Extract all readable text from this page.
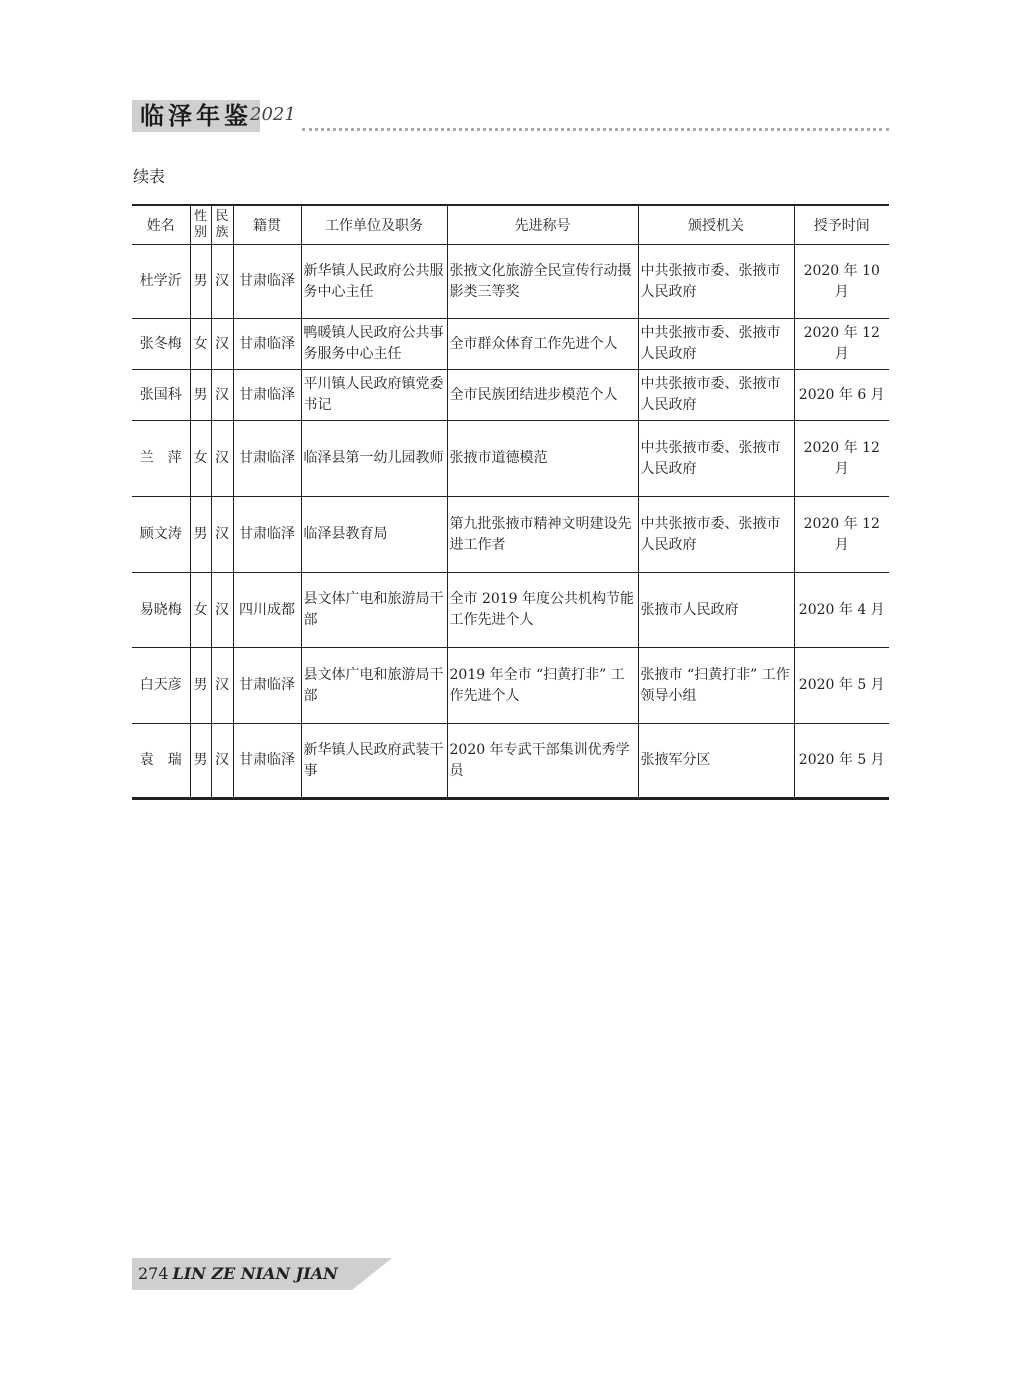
临泽年鉴
2021
续表
姓名	性别	民族	籍贯	工作单位及职务	先进称号	颁授机关	授予时间
杜学沂	男	汉	甘肃临泽	新华镇人民政府公共服务中心主任	张掖文化旅游全民宣传行动摄影类三等奖	中共张掖市委、张掖市人民政府	2020 年 10 月
张冬梅	女	汉	甘肃临泽	鸭暖镇人民政府公共事务服务中心主任	全市群众体育工作先进个人	中共张掖市委、张掖市人民政府	2020 年 12 月
张国科	男	汉	甘肃临泽	平川镇人民政府镇党委书记	全市民族团结进步模范个人	中共张掖市委、张掖市人民政府	2020 年 6 月
兰　萍	女	汉	甘肃临泽	临泽县第一幼儿园教师	张掖市道德模范	中共张掖市委、张掖市人民政府	2020 年 12 月
顾文涛	男	汉	甘肃临泽	临泽县教育局	第九批张掖市精神文明建设先进工作者	中共张掖市委、张掖市人民政府	2020 年 12 月
易晓梅	女	汉	四川成都	县文体广电和旅游局干部	全市 2019 年度公共机构节能工作先进个人	张掖市人民政府	2020 年 4 月
白天彦	男	汉	甘肃临泽	县文体广电和旅游局干部	2019 年全市 “扫黄打非” 工作先进个人	张掖市 “扫黄打非” 工作领导小组	2020 年 5 月
袁　瑞	男	汉	甘肃临泽	新华镇人民政府武装干事	2020 年专武干部集训优秀学员	张掖军分区	2020 年 5 月
274 LIN ZE NIAN JIAN
